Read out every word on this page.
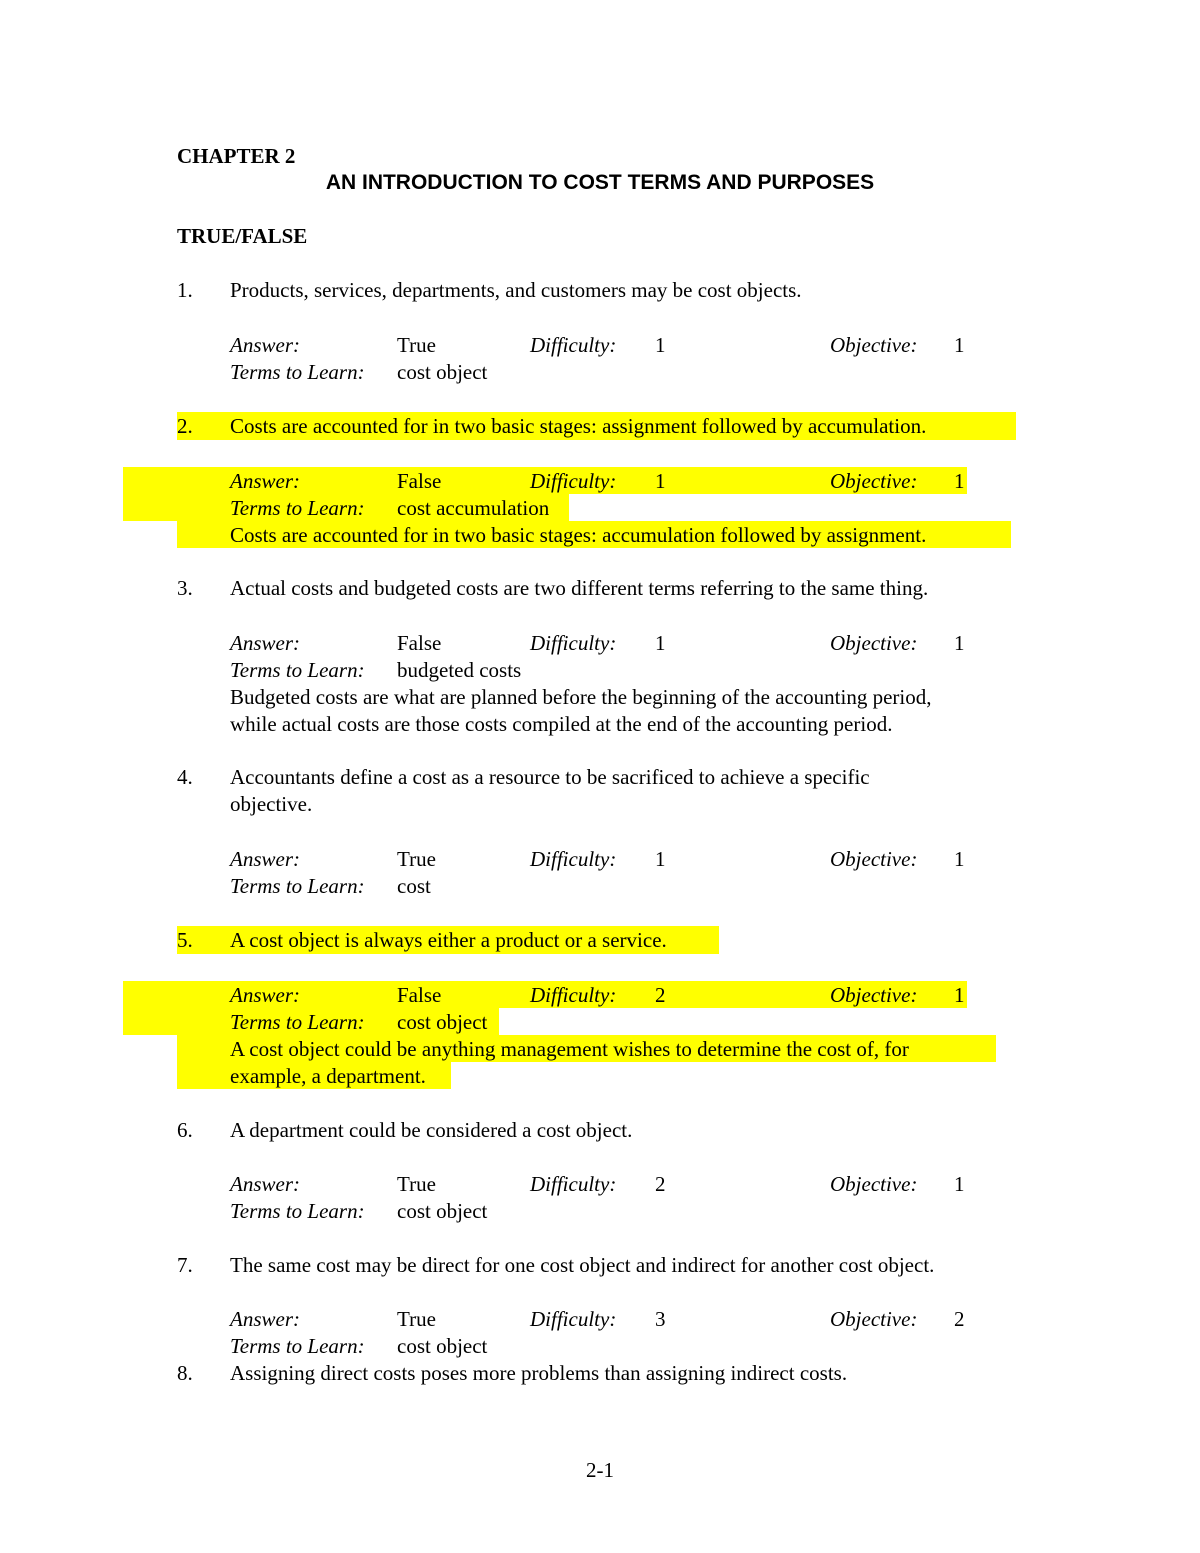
CHAPTER 2
AN INTRODUCTION TO COST TERMS AND PURPOSES
TRUE/FALSE
1. Products, services, departments, and customers may be cost objects.
Answer:	True	Difficulty: 1	Objective: 1
Terms to Learn: cost object
2. Costs are accounted for in two basic stages: assignment followed by accumulation.
Answer:	False	Difficulty: 1	Objective: 1
Terms to Learn: cost accumulation
Costs are accounted for in two basic stages: accumulation followed by assignment.
3. Actual costs and budgeted costs are two different terms referring to the same thing.
Answer:	False	Difficulty: 1	Objective: 1
Terms to Learn: budgeted costs
Budgeted costs are what are planned before the beginning of the accounting period,
while actual costs are those costs compiled at the end of the accounting period.
4. Accountants define a cost as a resource to be sacrificed to achieve a specific
objective.
Answer:	True	Difficulty: 1	Objective: 1
Terms to Learn: cost
5. A cost object is always either a product or a service.
Answer:	False	Difficulty: 2	Objective: 1
Terms to Learn: cost object
A cost object could be anything management wishes to determine the cost of, for
example, a department.
6. A department could be considered a cost object.
Answer:	True	Difficulty: 2	Objective: 1
Terms to Learn: cost object
7. The same cost may be direct for one cost object and indirect for another cost object.
Answer:	True	Difficulty: 3	Objective: 2
Terms to Learn: cost object
8. Assigning direct costs poses more problems than assigning indirect costs.
2-1
